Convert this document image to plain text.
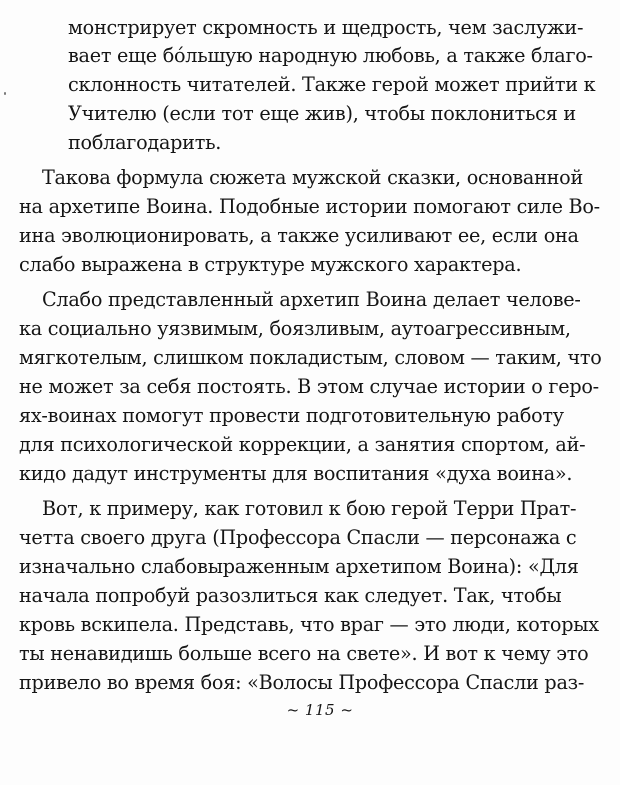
монстрирует скромность и щедрость, чем заслужи-
вает еще бо́льшую народную любовь, а также благо-
склонность читателей. Также герой может прийти к
Учителю (если тот еще жив), чтобы поклониться и
поблагодарить.
Такова формула сюжета мужской сказки, основанной
на архетипе Воина. Подобные истории помогают силе Во-
ина эволюционировать, а также усиливают ее, если она
слабо выражена в структуре мужского характера.
Слабо представленный архетип Воина делает челове-
ка социально уязвимым, боязливым, аутоагрессивным,
мягкотелым, слишком покладистым, словом — таким, что
не может за себя постоять. В этом случае истории о геро-
ях-воинах помогут провести подготовительную работу
для психологической коррекции, а занятия спортом, ай-
кидо дадут инструменты для воспитания «духа воина».
Вот, к примеру, как готовил к бою герой Терри Прат-
четта своего друга (Профессора Спасли — персонажа с
изначально слабовыраженным архетипом Воина): «Для
начала попробуй разозлиться как следует. Так, чтобы
кровь вскипела. Представь, что враг — это люди, которых
ты ненавидишь больше всего на свете». И вот к чему это
привело во время боя: «Волосы Профессора Спасли раз-
~ 115 ~
